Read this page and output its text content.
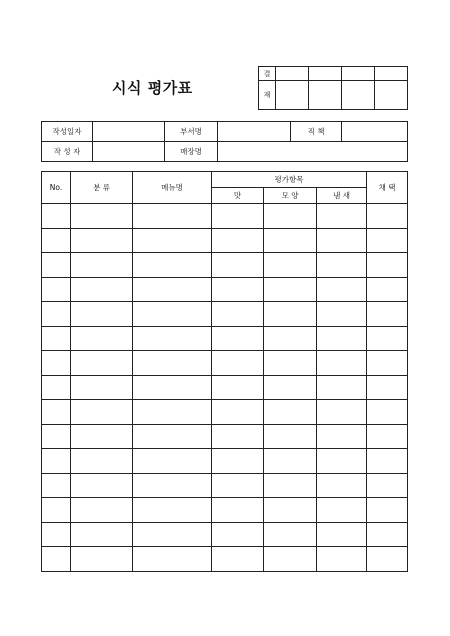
시식 평가표
결				
재				
작성일자		부서명		직 책	
작 성 자		매장명			
No.	분 류	메뉴명	평가항목			채 택
			맛	모 양	냄 새	
